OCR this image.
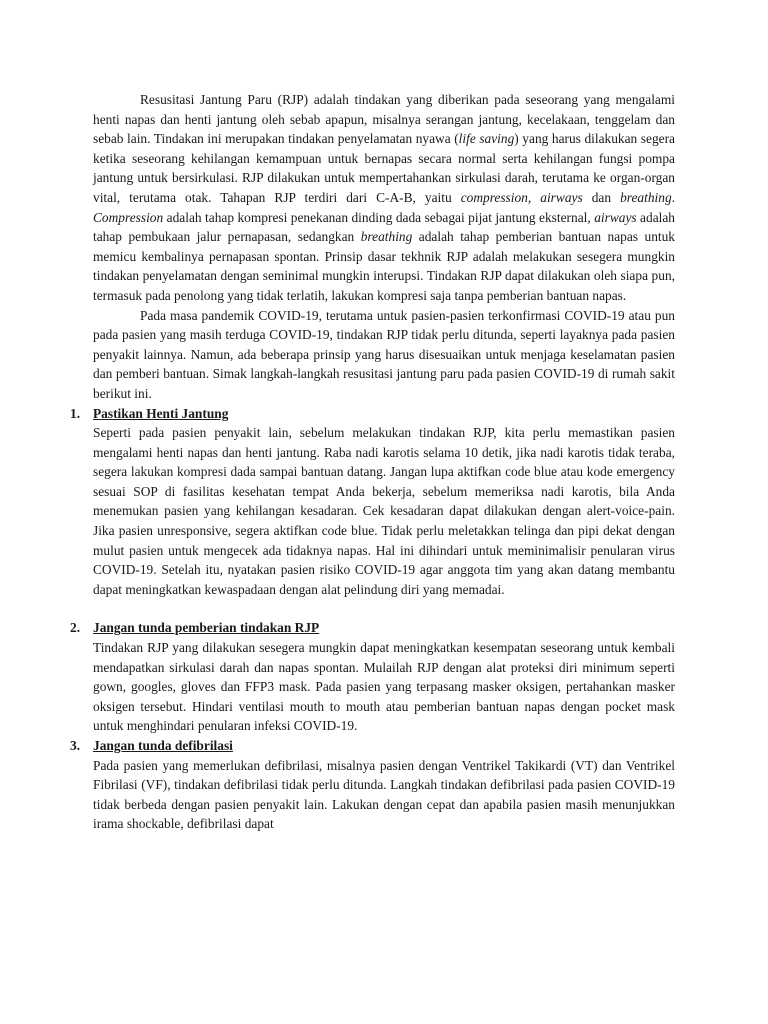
Resusitasi Jantung Paru (RJP) adalah tindakan yang diberikan pada seseorang yang mengalami henti napas dan henti jantung oleh sebab apapun, misalnya serangan jantung, kecelakaan, tenggelam dan sebab lain. Tindakan ini merupakan tindakan penyelamatan nyawa (life saving) yang harus dilakukan segera ketika seseorang kehilangan kemampuan untuk bernapas secara normal serta kehilangan fungsi pompa jantung untuk bersirkulasi. RJP dilakukan untuk mempertahankan sirkulasi darah, terutama ke organ-organ vital, terutama otak. Tahapan RJP terdiri dari C-A-B, yaitu compression, airways dan breathing. Compression adalah tahap kompresi penekanan dinding dada sebagai pijat jantung eksternal, airways adalah tahap pembukaan jalur pernapasan, sedangkan breathing adalah tahap pemberian bantuan napas untuk memicu kembalinya pernapasan spontan. Prinsip dasar tekhnik RJP adalah melakukan sesegera mungkin tindakan penyelamatan dengan seminimal mungkin interupsi. Tindakan RJP dapat dilakukan oleh siapa pun, termasuk pada penolong yang tidak terlatih, lakukan kompresi saja tanpa pemberian bantuan napas.

Pada masa pandemik COVID-19, terutama untuk pasien-pasien terkonfirmasi COVID-19 atau pun pada pasien yang masih terduga COVID-19, tindakan RJP tidak perlu ditunda, seperti layaknya pada pasien penyakit lainnya. Namun, ada beberapa prinsip yang harus disesuaikan untuk menjaga keselamatan pasien dan pemberi bantuan. Simak langkah-langkah resusitasi jantung paru pada pasien COVID-19 di rumah sakit berikut ini.

1. Pastikan Henti Jantung

Seperti pada pasien penyakit lain, sebelum melakukan tindakan RJP, kita perlu memastikan pasien mengalami henti napas dan henti jantung. Raba nadi karotis selama 10 detik, jika nadi karotis tidak teraba, segera lakukan kompresi dada sampai bantuan datang. Jangan lupa aktifkan code blue atau kode emergency sesuai SOP di fasilitas kesehatan tempat Anda bekerja, sebelum memeriksa nadi karotis, bila Anda menemukan pasien yang kehilangan kesadaran. Cek kesadaran dapat dilakukan dengan alert-voice-pain. Jika pasien unresponsive, segera aktifkan code blue. Tidak perlu meletakkan telinga dan pipi dekat dengan mulut pasien untuk mengecek ada tidaknya napas. Hal ini dihindari untuk meminimalisir penularan virus COVID-19. Setelah itu, nyatakan pasien risiko COVID-19 agar anggota tim yang akan datang membantu dapat meningkatkan kewaspadaan dengan alat pelindung diri yang memadai.

2. Jangan tunda pemberian tindakan RJP

Tindakan RJP yang dilakukan sesegera mungkin dapat meningkatkan kesempatan seseorang untuk kembali mendapatkan sirkulasi darah dan napas spontan. Mulailah RJP dengan alat proteksi diri minimum seperti gown, googles, gloves dan FFP3 mask. Pada pasien yang terpasang masker oksigen, pertahankan masker oksigen tersebut. Hindari ventilasi mouth to mouth atau pemberian bantuan napas dengan pocket mask untuk menghindari penularan infeksi COVID-19.

3. Jangan tunda defibrilasi

Pada pasien yang memerlukan defibrilasi, misalnya pasien dengan Ventrikel Takikardi (VT) dan Ventrikel Fibrilasi (VF), tindakan defibrilasi tidak perlu ditunda. Langkah tindakan defibrilasi pada pasien COVID-19 tidak berbeda dengan pasien penyakit lain. Lakukan dengan cepat dan apabila pasien masih menunjukkan irama shockable, defibrilasi dapat
